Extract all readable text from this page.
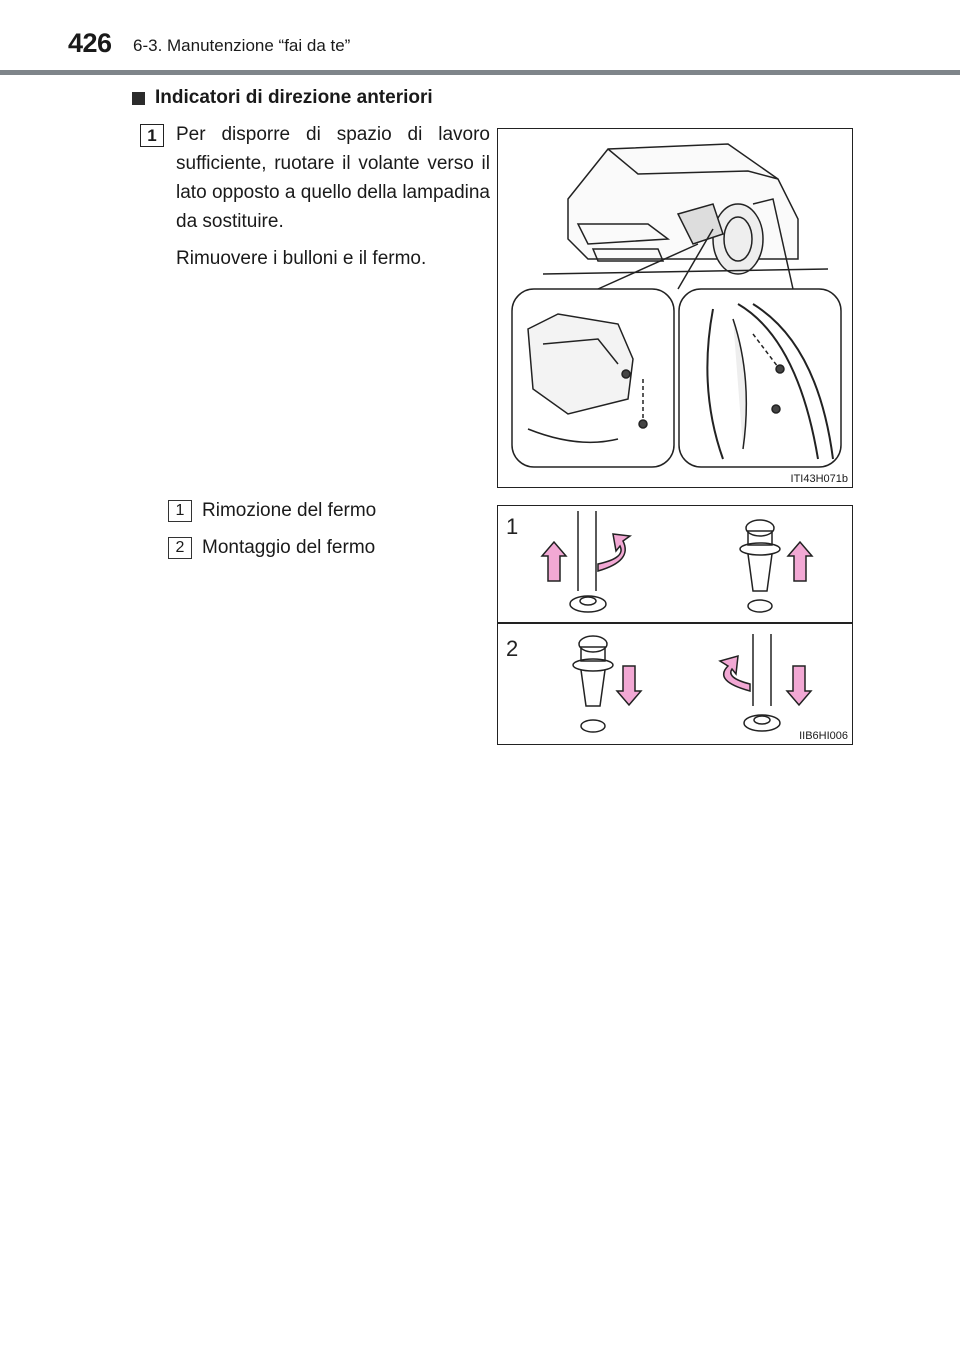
426 6-3. Manutenzione “fai da te”
Indicatori di direzione anteriori
1	Per disporre di spazio di lavoro sufficiente, ruotare il volante verso il lato opposto a quello della lampadina da sostituire.
Rimuovere i bulloni e il fermo.
ITI43H071b
1 Rimozione del fermo
2 Montaggio del fermo
1
2
IIB6HI006
